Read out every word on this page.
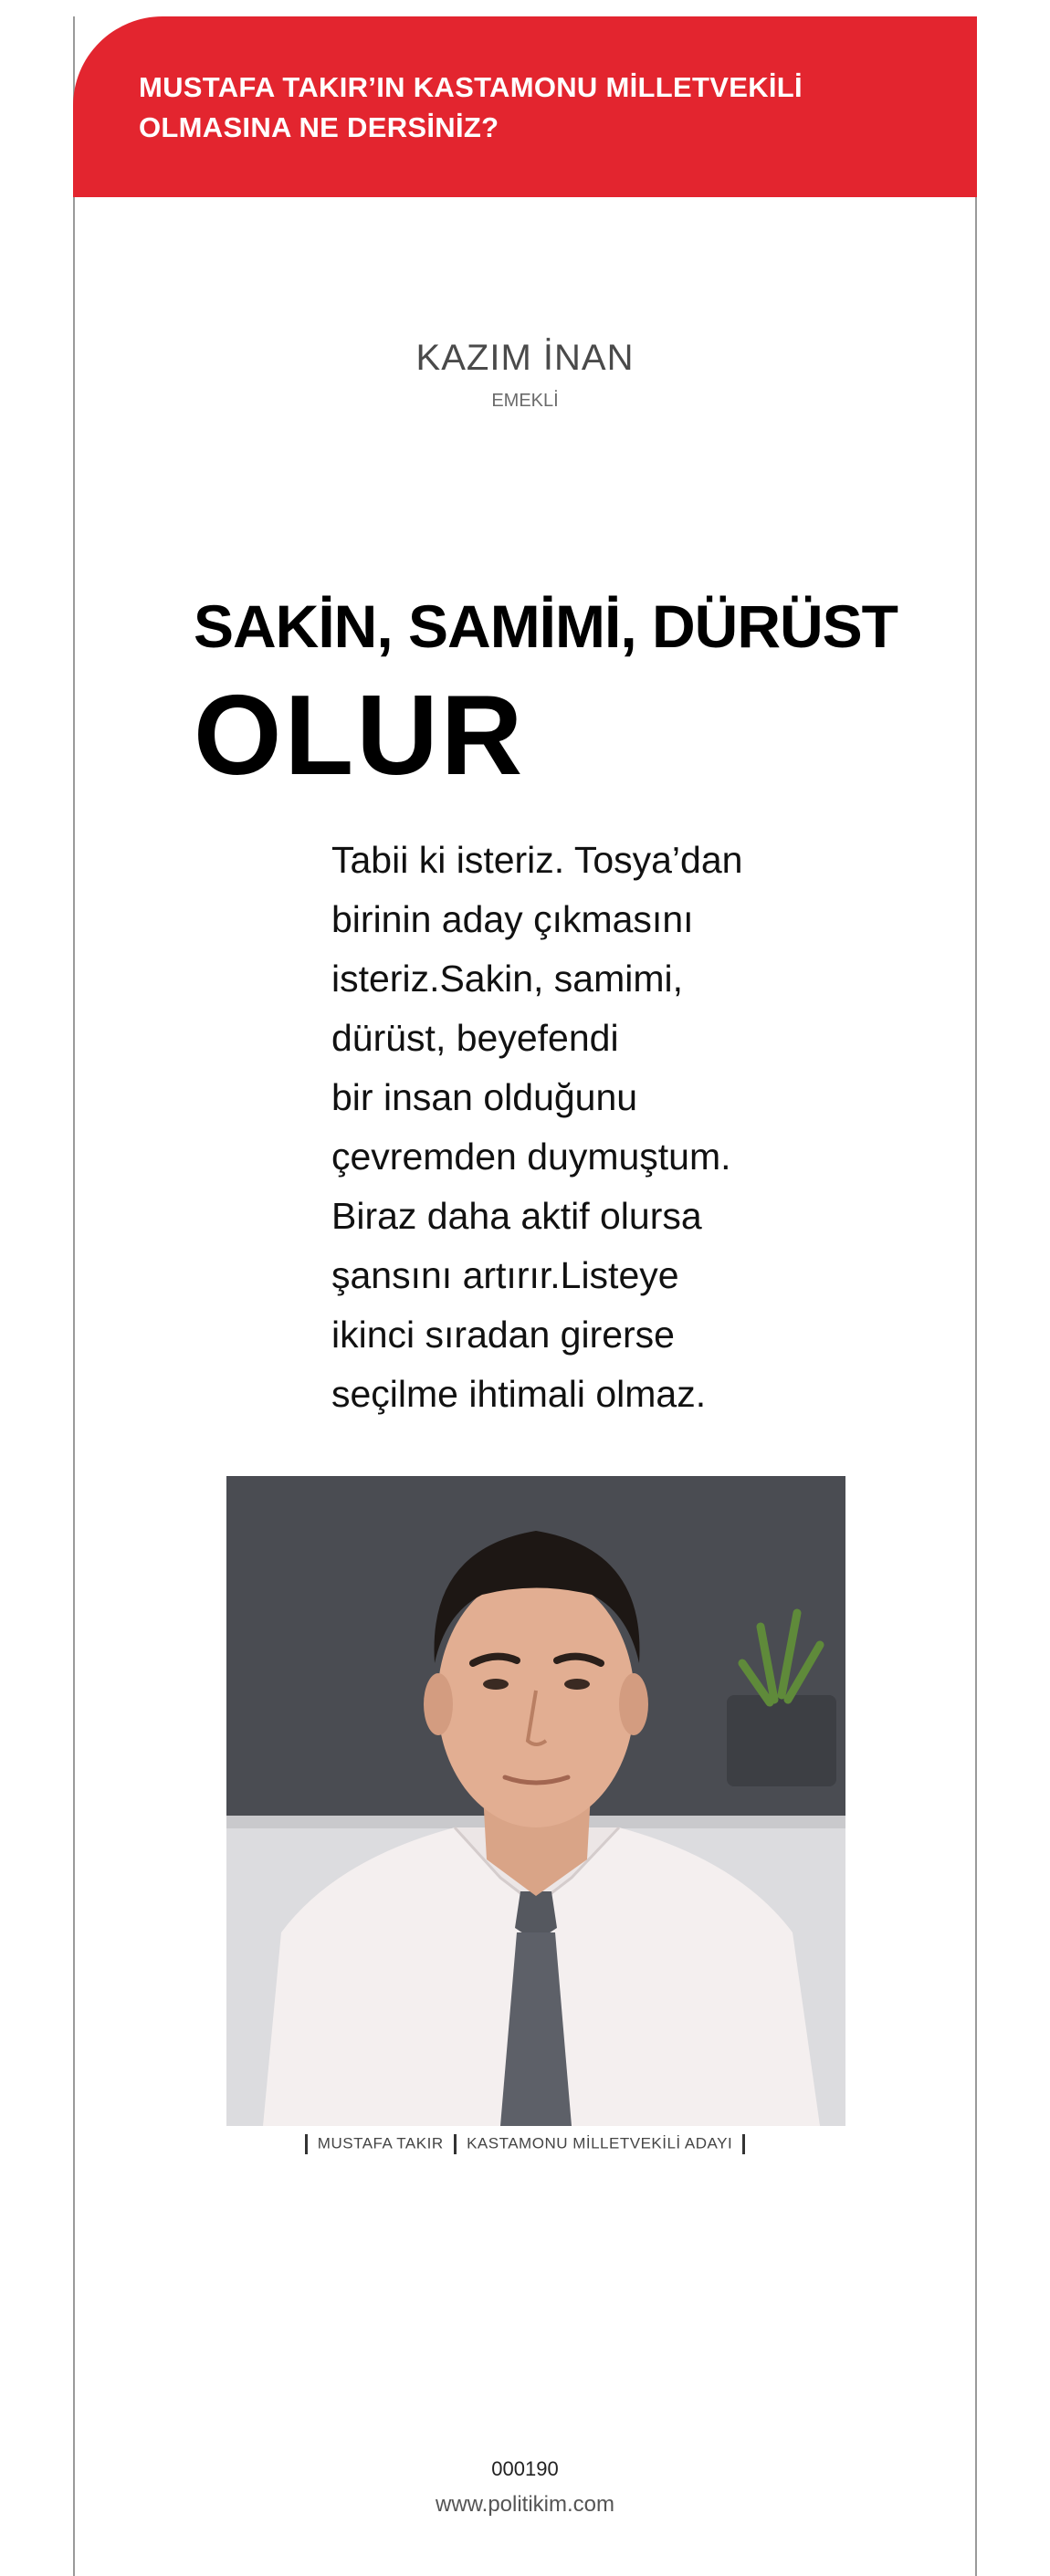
MUSTAFA TAKIR’IN KASTAMONU MİLLETVEKİLİ
OLMASINA NE DERSİNİZ?
KAZIM İNAN
EMEKLİ
SAKİN, SAMİMİ, DÜRÜST
OLUR
Tabii ki isteriz. Tosya’dan
birinin aday çıkmasını
isteriz.Sakin, samimi,
dürüst, beyefendi
bir insan olduğunu
çevremden duymuştum.
Biraz daha aktif olursa
şansını artırır.Listeye
ikinci sıradan girerse
seçilme ihtimali olmaz.
MUSTAFA TAKIR KASTAMONU MİLLETVEKİLİ ADAYI
000190
www.politikim.com
